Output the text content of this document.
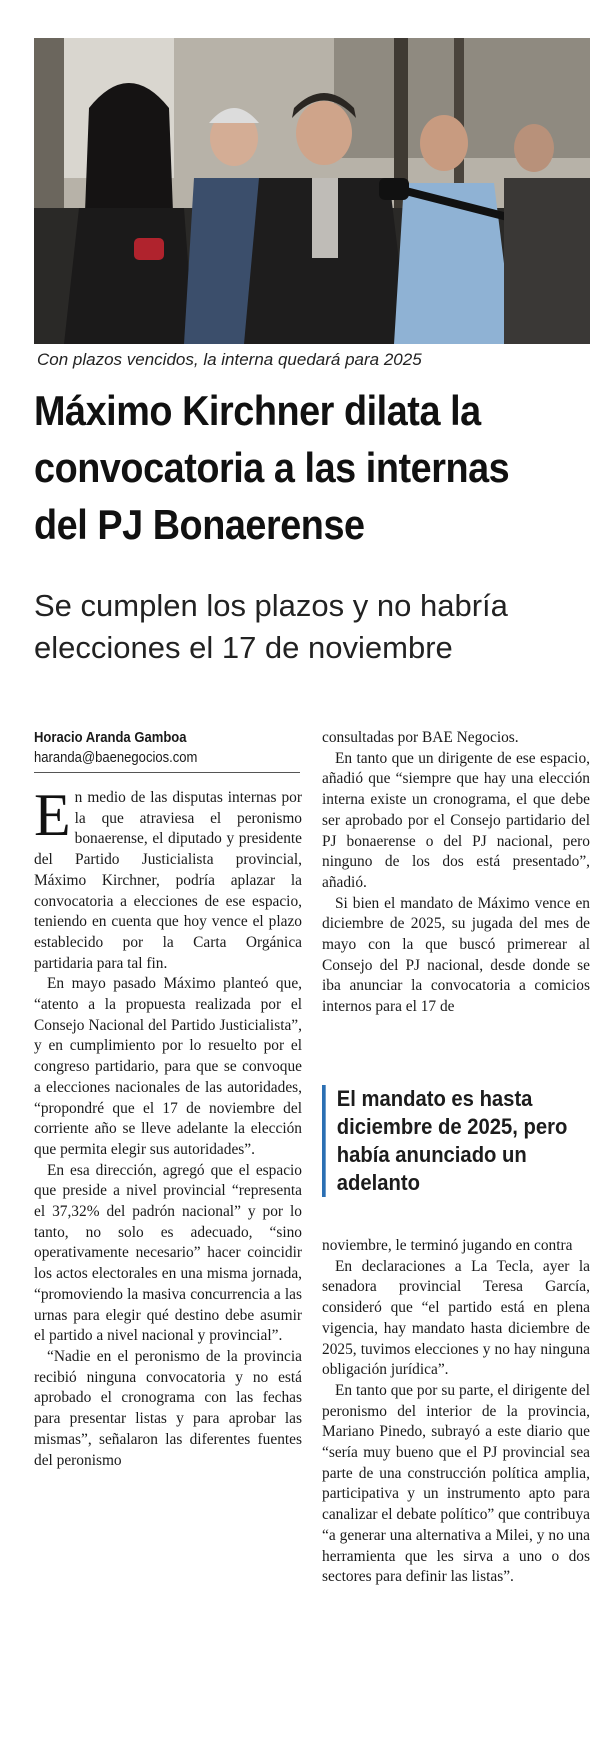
Con plazos vencidos, la interna quedará para 2025
Máximo Kirchner dilata la
convocatoria a las internas
del PJ Bonaerense
Se cumplen los plazos y no habría
elecciones el 17 de noviembre
Horacio Aranda Gamboa
haranda@baenegocios.com

En medio de las disputas internas por la que atraviesa el peronismo bonaerense, el diputado y presidente del Partido Justicialista provincial, Máximo Kirchner, podría aplazar la convocatoria a elecciones de ese espacio, teniendo en cuenta que hoy vence el plazo establecido por la Carta Orgánica partidaria para tal fin.

En mayo pasado Máximo planteó que, “atento a la propuesta realizada por el Consejo Nacional del Partido Justicialista”, y en cumplimiento por lo resuelto por el congreso partidario, para que se convoque a elecciones nacionales de las autoridades, “propondré que el 17 de noviembre del corriente año se lleve adelante la elección que permita elegir sus autoridades”.

En esa dirección, agregó que el espacio que preside a nivel provincial “representa el 37,32% del padrón nacional” y por lo tanto, no solo es adecuado, “sino operativamente necesario” hacer coincidir los actos electorales en una misma jornada, “promoviendo la masiva concurrencia a las urnas para elegir qué destino debe asumir el partido a nivel nacional y provincial”.

“Nadie en el peronismo de la provincia recibió ninguna convocatoria y no está aprobado el cronograma con las fechas para presentar listas y para aprobar las mismas”, señalaron las diferentes fuentes del peronismo

consultadas por BAE Negocios.

En tanto que un dirigente de ese espacio, añadió que “siempre que hay una elección interna existe un cronograma, el que debe ser aprobado por el Consejo partidario del PJ bonaerense o del PJ nacional, pero ninguno de los dos está presentado”, añadió.

Si bien el mandato de Máximo vence en diciembre de 2025, su jugada del mes de mayo con la que buscó primerear al Consejo del PJ nacional, desde donde se iba anunciar la convocatoria a comicios internos para el 17 de

El mandato es hasta diciembre de 2025, pero había anunciado un adelanto

noviembre, le terminó jugando en contra

En declaraciones a La Tecla, ayer la senadora provincial Teresa García, consideró que “el partido está en plena vigencia, hay mandato hasta diciembre de 2025, tuvimos elecciones y no hay ninguna obligación jurídica”.

En tanto que por su parte, el dirigente del peronismo del interior de la provincia, Mariano Pinedo, subrayó a este diario que “sería muy bueno que el PJ provincial sea parte de una construcción política amplia, participativa y un instrumento apto para canalizar el debate político” que contribuya “a generar una alternativa a Milei, y no una herramienta que les sirva a uno o dos sectores para definir las listas”.
